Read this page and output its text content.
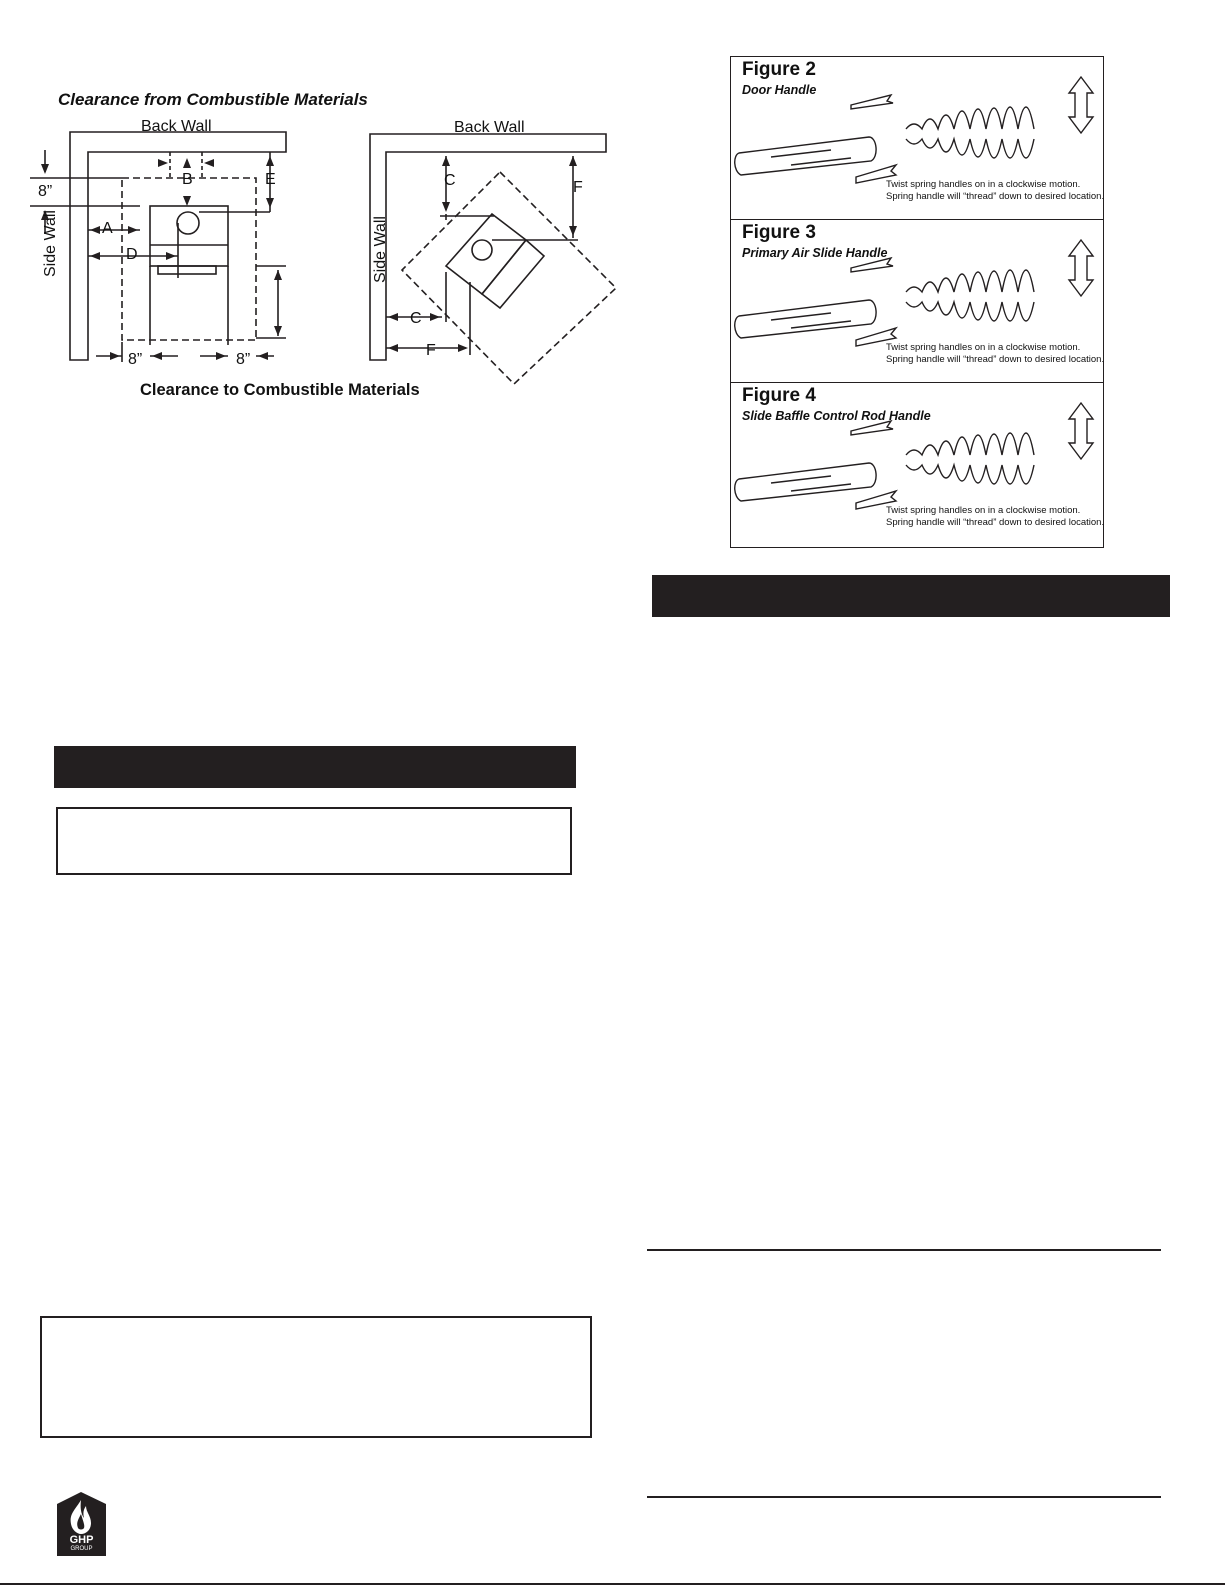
Clearance from Combustible Materials
Back Wall	Back Wall
Side Wall	Side Wall
B	E
A
D
8”
8”	8”
C	F
C
F
Clearance to Combustible Materials
GHP
GROUP
Figure 2
Door Handle
Twist spring handles on in a clockwise motion. Spring handle will “thread” down to desired location.
Figure 3
Primary Air Slide Handle
Twist spring handles on in a clockwise motion. Spring handle will “thread” down to desired location.
Figure 4
Slide Baffle Control Rod Handle
Twist spring handles on in a clockwise motion. Spring handle will “thread” down to desired location.
